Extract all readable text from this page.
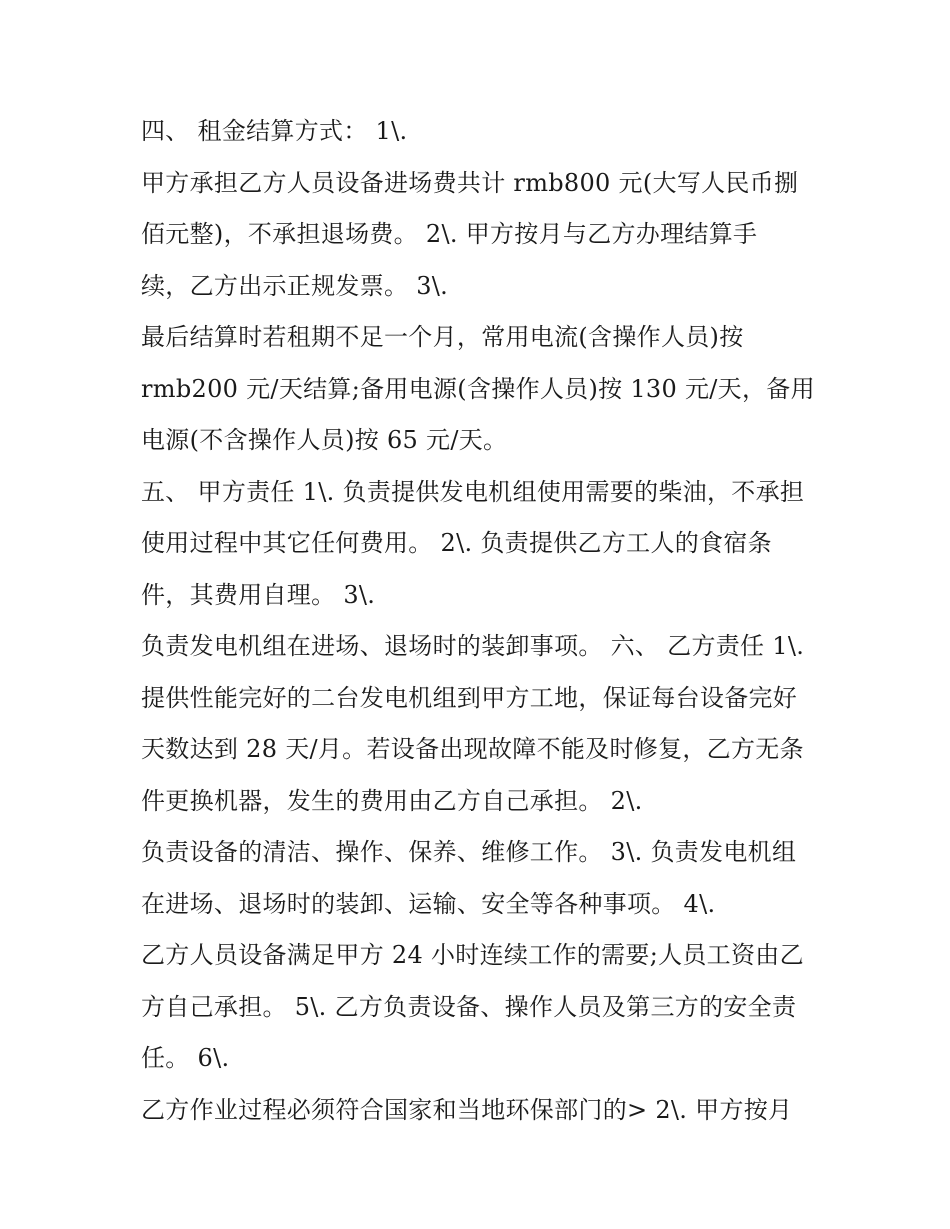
四、 租金结算方式： 1\.
甲方承担乙方人员设备进场费共计 rmb800 元(大写人民币捌
佰元整)，不承担退场费。 2\. 甲方按月与乙方办理结算手
续，乙方出示正规发票。 3\.
最后结算时若租期不足一个月，常用电流(含操作人员)按
rmb200 元/天结算;备用电源(含操作人员)按 130 元/天，备用
电源(不含操作人员)按 65 元/天。
五、 甲方责任 1\. 负责提供发电机组使用需要的柴油，不承担
使用过程中其它任何费用。 2\. 负责提供乙方工人的食宿条
件，其费用自理。 3\.
负责发电机组在进场、退场时的装卸事项。 六、 乙方责任 1\.
提供性能完好的二台发电机组到甲方工地，保证每台设备完好
天数达到 28 天/月。若设备出现故障不能及时修复，乙方无条
件更换机器，发生的费用由乙方自己承担。 2\.
负责设备的清洁、操作、保养、维修工作。 3\. 负责发电机组
在进场、退场时的装卸、运输、安全等各种事项。 4\.
乙方人员设备满足甲方 24 小时连续工作的需要;人员工资由乙
方自己承担。 5\. 乙方负责设备、操作人员及第三方的安全责
任。 6\.
乙方作业过程必须符合国家和当地环保部门的> 2\. 甲方按月
